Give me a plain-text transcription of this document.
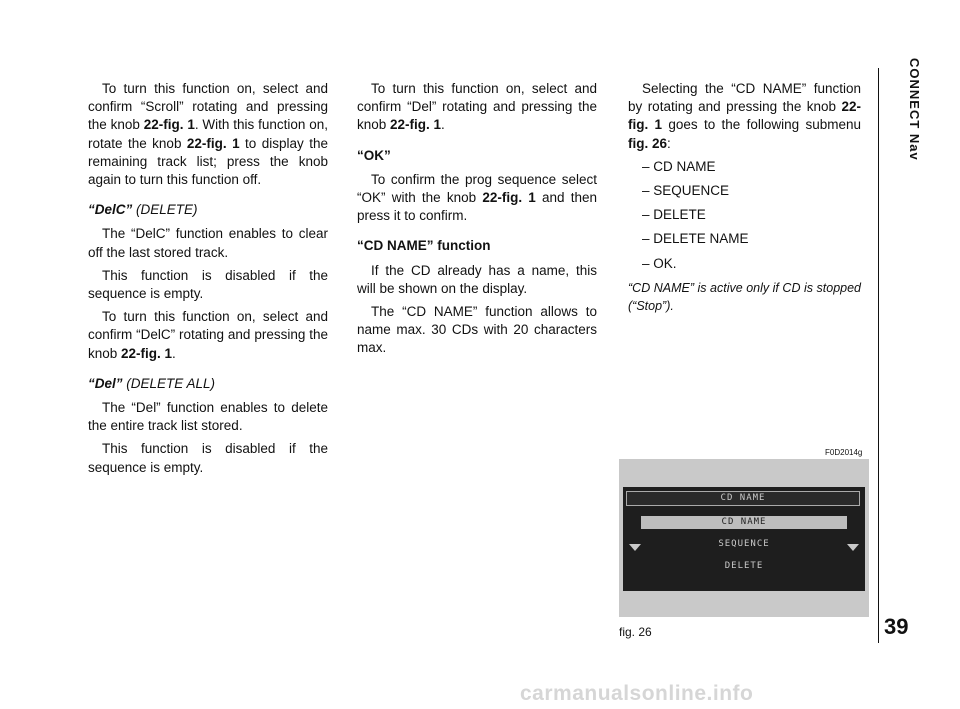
To turn this function on, select and confirm “Scroll” rotating and pressing the knob 22-fig. 1. With this function on, rotate the knob 22-fig. 1 to display the remaining track list; press the knob again to turn this function off.

“DelC” (DELETE)

The “DelC” function enables to clear off the last stored track.

This function is disabled if the sequence is empty.

To turn this function on, select and confirm “DelC” rotating and pressing the knob 22-fig. 1.

“Del” (DELETE ALL)

The “Del” function enables to delete the entire track list stored.

This function is disabled if the sequence is empty.

To turn this function on, select and confirm “Del” rotating and pressing the knob 22-fig. 1.

“OK”

To confirm the prog sequence select “OK” with the knob 22-fig. 1 and then press it to confirm.

“CD NAME” function

If the CD already has a name, this will be shown on the display.

The “CD NAME” function allows to name max. 30 CDs with 20 characters max.

Selecting the “CD NAME” function by rotating and pressing the knob 22-fig. 1 goes to the following submenu fig. 26:

– CD NAME

– SEQUENCE

– DELETE

– DELETE NAME

– OK.

“CD NAME” is active only if CD is stopped (“Stop”).

CONNECT Nav
39
F0D2014g
CD NAME
CD NAME
SEQUENCE
DELETE
fig. 26
carmanualsonline.info
